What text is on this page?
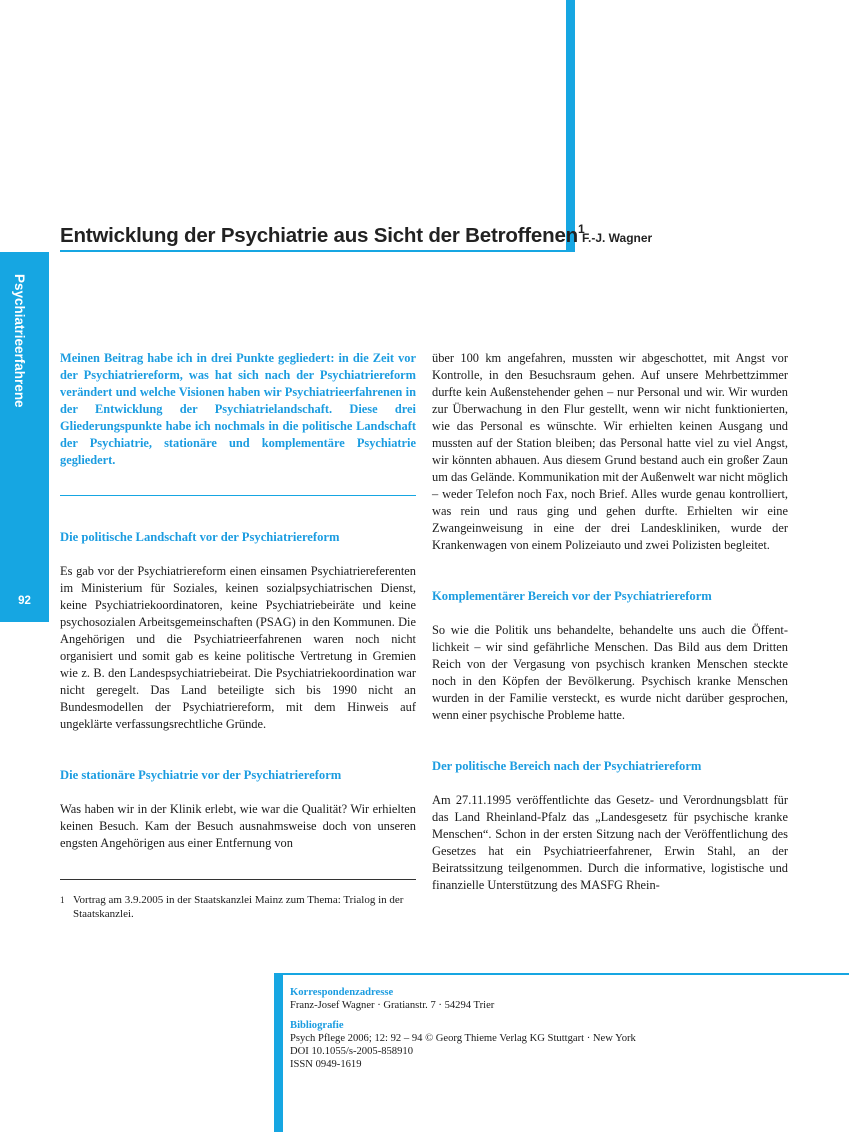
Entwicklung der Psychiatrie aus Sicht der Betroffenen$^1$
F.-J. Wagner
Psychiatrieerfahrene
92

Meinen Beitrag habe ich in drei Punkte gegliedert: in die Zeit vor der Psychiatriereform, was hat sich nach der Psychiatriereform verändert und welche Visionen haben wir Psychiatrieerfahrenen in der Entwicklung der Psychiatrielandschaft. Diese drei Gliederungspunkte habe ich nochmals in die politische Landschaft der Psychiatrie, stationäre und komplementäre Psychiatrie gegliedert.

Die politische Landschaft vor der Psychiatriereform

Es gab vor der Psychiatriereform einen einsamen Psychiatriereferenten im Ministerium für Soziales, keinen sozialpsychiatrischen Dienst, keine Psychiatriekoordinatoren, keine Psychiatriebeiräte und keine psychosozialen Arbeitsgemeinschaften (PSAG) in den Kommunen. Die Angehörigen und die Psychiatrieerfahrenen waren noch nicht organisiert und somit gab es keine politische Vertretung in Gremien wie z. B. den Landespsychiatriebeirat. Die Psychiatriekoordination war nicht geregelt. Das Land beteiligte sich bis 1990 nicht an Bundesmodellen der Psychiatriereform, mit dem Hinweis auf ungeklärte verfassungsrechtliche Gründe.

Die stationäre Psychiatrie vor der Psychiatriereform

Was haben wir in der Klinik erlebt, wie war die Qualität? Wir erhielten keinen Besuch. Kam der Besuch ausnahmsweise doch von unseren engsten Angehörigen aus einer Entfernung von

1 Vortrag am 3.9.2005 in der Staatskanzlei Mainz zum Thema: Trialog in der Staatskanzlei.

über 100 km angefahren, mussten wir abgeschottet, mit Angst vor Kontrolle, in den Besuchsraum gehen. Auf unsere Mehrbettzimmer durfte kein Außenstehender gehen – nur Personal und wir. Wir wurden zur Überwachung in den Flur gestellt, wenn wir nicht funktionierten, wie das Personal es wünschte. Wir erhielten keinen Ausgang und mussten auf der Station bleiben; das Personal hatte viel zu viel Angst, wir könnten abhauen. Aus diesem Grund bestand auch ein großer Zaun um das Gelände. Kommunikation mit der Außenwelt war nicht möglich – weder Telefon noch Fax, noch Brief. Alles wurde genau kontrolliert, was rein und raus ging und gehen durfte. Erhielten wir eine Zwangeinweisung in eine der drei Landeskliniken, wurde der Krankenwagen von einem Polizeiauto und zwei Polizisten begleitet.

Komplementärer Bereich vor der Psychiatriereform

So wie die Politik uns behandelte, behandelte uns auch die Öffentlichkeit – wir sind gefährliche Menschen. Das Bild aus dem Dritten Reich von der Vergasung von psychisch kranken Menschen steckte noch in den Köpfen der Bevölkerung. Psychisch kranke Menschen wurden in der Familie versteckt, es wurde nicht darüber gesprochen, wenn einer psychische Probleme hatte.

Der politische Bereich nach der Psychiatriereform

Am 27.11.1995 veröffentlichte das Gesetz- und Verordnungsblatt für das Land Rheinland-Pfalz das „Landesgesetz für psychische kranke Menschen“. Schon in der ersten Sitzung nach der Veröffentlichung des Gesetzes hat ein Psychiatrieerfahrener, Erwin Stahl, an der Beiratssitzung teilgenommen. Durch die informative, logistische und finanzielle Unterstützung des MASFG Rhein-

Korrespondenzadresse
Franz-Josef Wagner · Gratianstr. 7 · 54294 Trier
Bibliografie
Psych Pflege 2006; 12: 92 – 94 © Georg Thieme Verlag KG Stuttgart · New York
DOI 10.1055/s-2005-858910
ISSN 0949-1619
